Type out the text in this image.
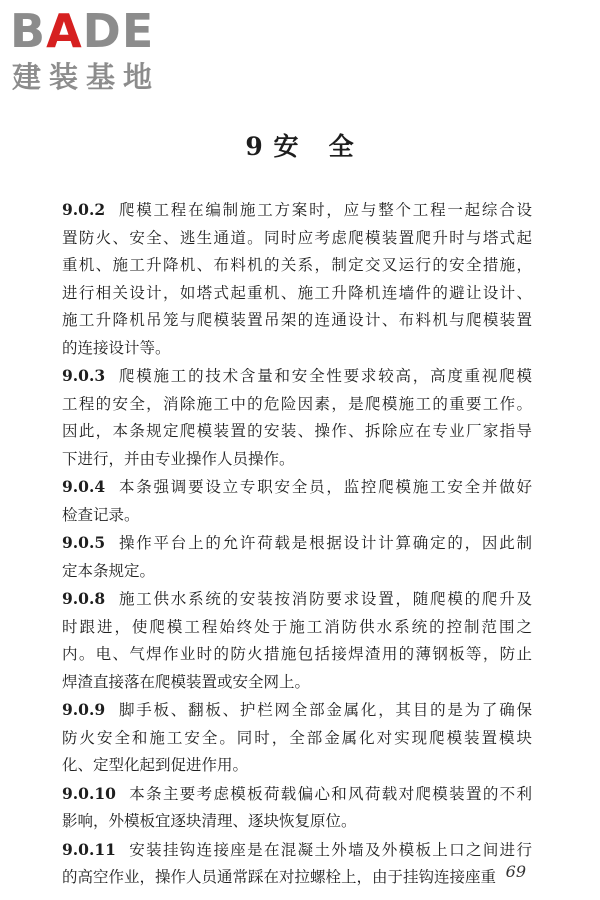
BADE
建装基地
9 安   全
9.0.2 爬模工程在编制施工方案时，应与整个工程一起综合设
置防火、安全、逃生通道。同时应考虑爬模装置爬升时与塔式起
重机、施工升降机、布料机的关系，制定交叉运行的安全措施，
进行相关设计，如塔式起重机、施工升降机连墙件的避让设计、
施工升降机吊笼与爬模装置吊架的连通设计、布料机与爬模装置
的连接设计等。
9.0.3 爬模施工的技术含量和安全性要求较高，高度重视爬模
工程的安全，消除施工中的危险因素，是爬模施工的重要工作。
因此，本条规定爬模装置的安装、操作、拆除应在专业厂家指导
下进行，并由专业操作人员操作。
9.0.4 本条强调要设立专职安全员，监控爬模施工安全并做好
检查记录。
9.0.5 操作平台上的允许荷载是根据设计计算确定的，因此制
定本条规定。
9.0.8 施工供水系统的安装按消防要求设置，随爬模的爬升及
时跟进，使爬模工程始终处于施工消防供水系统的控制范围之
内。电、气焊作业时的防火措施包括接焊渣用的薄钢板等，防止
焊渣直接落在爬模装置或安全网上。
9.0.9 脚手板、翻板、护栏网全部金属化，其目的是为了确保
防火安全和施工安全。同时，全部金属化对实现爬模装置模块
化、定型化起到促进作用。
9.0.10 本条主要考虑模板荷载偏心和风荷载对爬模装置的不利
影响，外模板宜逐块清理、逐块恢复原位。
9.0.11 安装挂钩连接座是在混凝土外墙及外模板上口之间进行
的高空作业，操作人员通常踩在对拉螺栓上，由于挂钩连接座重 69
